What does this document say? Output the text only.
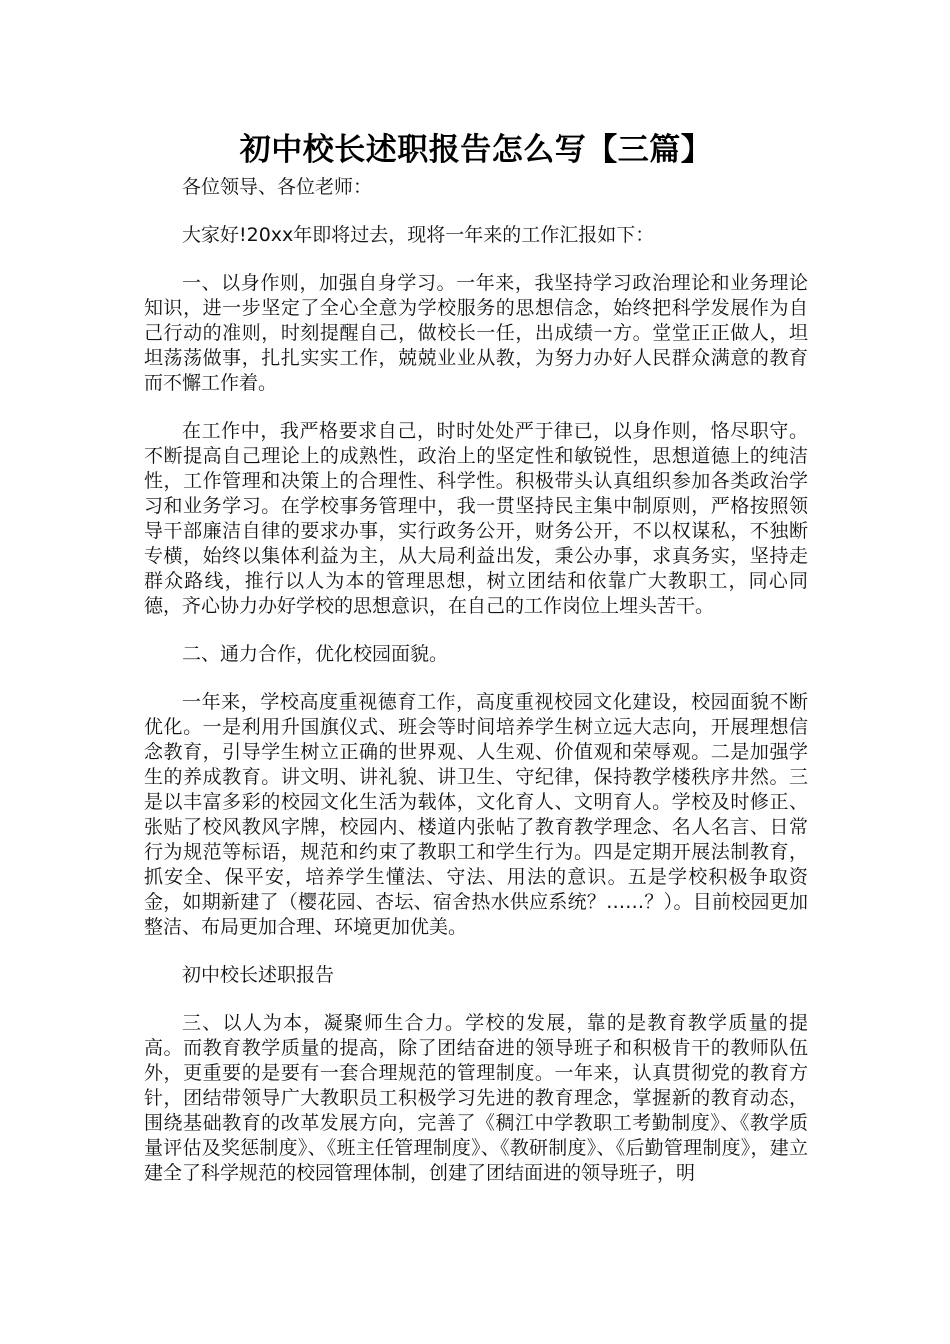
初中校长述职报告怎么写【三篇】

各位领导、各位老师：

大家好!20xx年即将过去，现将一年来的工作汇报如下：

一、以身作则，加强自身学习。一年来，我坚持学习政治理论和业务理论知识，进一步坚定了全心全意为学校服务的思想信念，始终把科学发展作为自己行动的准则，时刻提醒自己，做校长一任，出成绩一方。堂堂正正做人，坦坦荡荡做事，扎扎实实工作，兢兢业业从教，为努力办好人民群众满意的教育而不懈工作着。

在工作中，我严格要求自己，时时处处严于律已，以身作则，恪尽职守。不断提高自己理论上的成熟性，政治上的坚定性和敏锐性，思想道德上的纯洁性，工作管理和决策上的合理性、科学性。积极带头认真组织参加各类政治学习和业务学习。在学校事务管理中，我一贯坚持民主集中制原则，严格按照领导干部廉洁自律的要求办事，实行政务公开，财务公开，不以权谋私，不独断专横，始终以集体利益为主，从大局利益出发，秉公办事，求真务实，坚持走群众路线，推行以人为本的管理思想，树立团结和依靠广大教职工，同心同德，齐心协力办好学校的思想意识，在自己的工作岗位上埋头苦干。

二、通力合作，优化校园面貌。

一年来，学校高度重视德育工作，高度重视校园文化建设，校园面貌不断优化。一是利用升国旗仪式、班会等时间培养学生树立远大志向，开展理想信念教育，引导学生树立正确的世界观、人生观、价值观和荣辱观。二是加强学生的养成教育。讲文明、讲礼貌、讲卫生、守纪律，保持教学楼秩序井然。三是以丰富多彩的校园文化生活为载体，文化育人、文明育人。学校及时修正、张贴了校风教风字牌，校园内、楼道内张帖了教育教学理念、名人名言、日常行为规范等标语，规范和约束了教职工和学生行为。四是定期开展法制教育，抓安全、保平安，培养学生懂法、守法、用法的意识。五是学校积极争取资金，如期新建了（樱花园、杏坛、宿舍热水供应系统？……？）。目前校园更加整洁、布局更加合理、环境更加优美。

初中校长述职报告

三、以人为本，凝聚师生合力。学校的发展，靠的是教育教学质量的提高。而教育教学质量的提高，除了团结奋进的领导班子和积极肯干的教师队伍外，更重要的是要有一套合理规范的管理制度。一年来，认真贯彻党的教育方针，团结带领导广大教职员工积极学习先进的教育理念，掌握新的教育动态，围绕基础教育的改革发展方向，完善了《稠江中学教职工考勤制度》、《教学质量评估及奖惩制度》、《班主任管理制度》、《教研制度》、《后勤管理制度》，建立建全了科学规范的校园管理体制，创建了团结面进的领导班子，明
